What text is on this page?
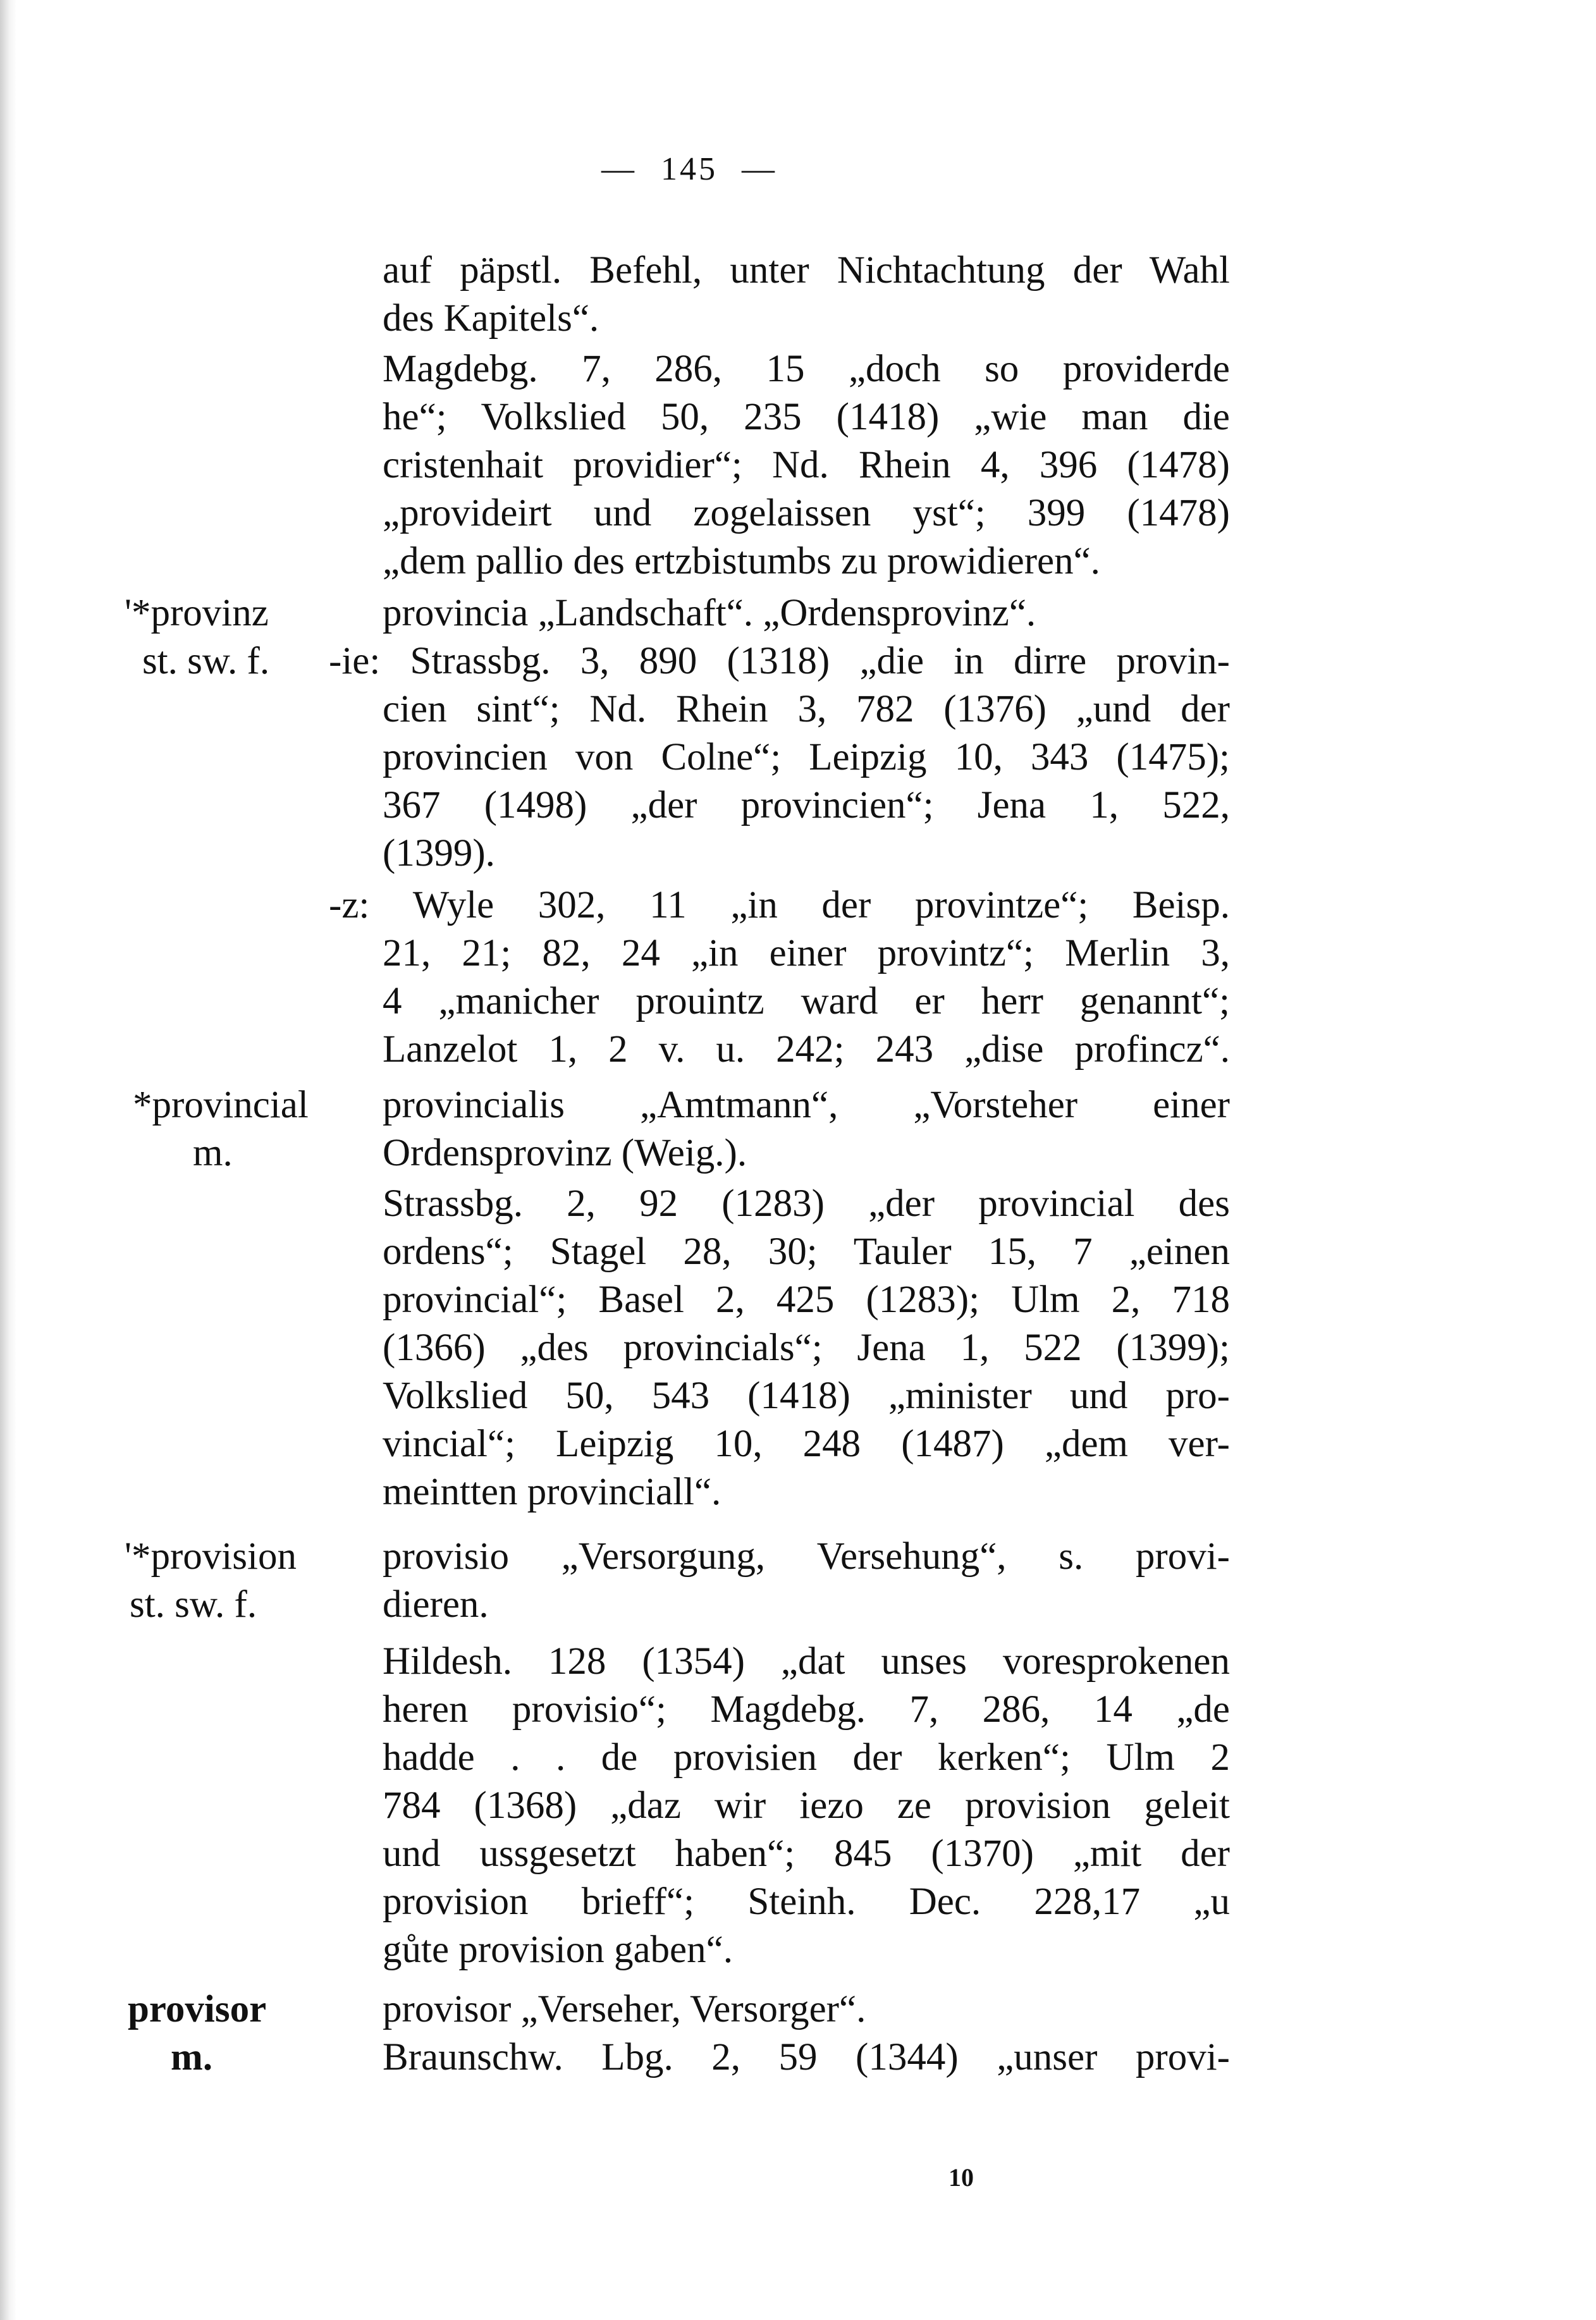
— 145 —
'*provinz
st. sw. f.
*provincial
m.
'*provision
st. sw. f.
provisor
m.
auf päpstl. Befehl, unter Nichtachtung der Wahl
des Kapitels“.
Magdebg. 7, 286, 15 „doch so providerde
he“; Volkslied 50, 235 (1418) „wie man die
cristenhait providier“; Nd. Rhein 4, 396 (1478)
„provideirt und zogelaissen yst“; 399 (1478)
„dem pallio des ertzbistumbs zu prowidieren“.
provincia „Landschaft“. „Ordensprovinz“.
-ie: Strassbg. 3, 890 (1318) „die in dirre provin-
cien sint“; Nd. Rhein 3, 782 (1376) „und der
provincien von Colne“; Leipzig 10, 343 (1475);
367 (1498) „der provincien“; Jena 1, 522,
(1399).
-z: Wyle 302, 11 „in der provintze“; Beisp.
21, 21; 82, 24 „in einer provintz“; Merlin 3,
4 „manicher prouintz ward er herr genannt“;
Lanzelot 1, 2 v. u. 242; 243 „dise profincz“.
provincialis „Amtmann“, „Vorsteher einer
Ordensprovinz (Weig.).
Strassbg. 2, 92 (1283) „der provincial des
ordens“; Stagel 28, 30; Tauler 15, 7 „einen
provincial“; Basel 2, 425 (1283); Ulm 2, 718
(1366) „des provincials“; Jena 1, 522 (1399);
Volkslied 50, 543 (1418) „minister und pro-
vincial“; Leipzig 10, 248 (1487) „dem ver-
meintten provinciall“.
provisio „Versorgung, Versehung“, s. provi-
dieren.
Hildesh. 128 (1354) „dat unses voresprokenen
heren provisio“; Magdebg. 7, 286, 14 „de
hadde . . de provisien der kerken“; Ulm 2
784 (1368) „daz wir iezo ze provision geleit
und ussgesetzt haben“; 845 (1370) „mit der
provision brieff“; Steinh. Dec. 228,17 „u
gůte provision gaben“.
provisor „Verseher, Versorger“.
Braunschw. Lbg. 2, 59 (1344) „unser provi-
10
